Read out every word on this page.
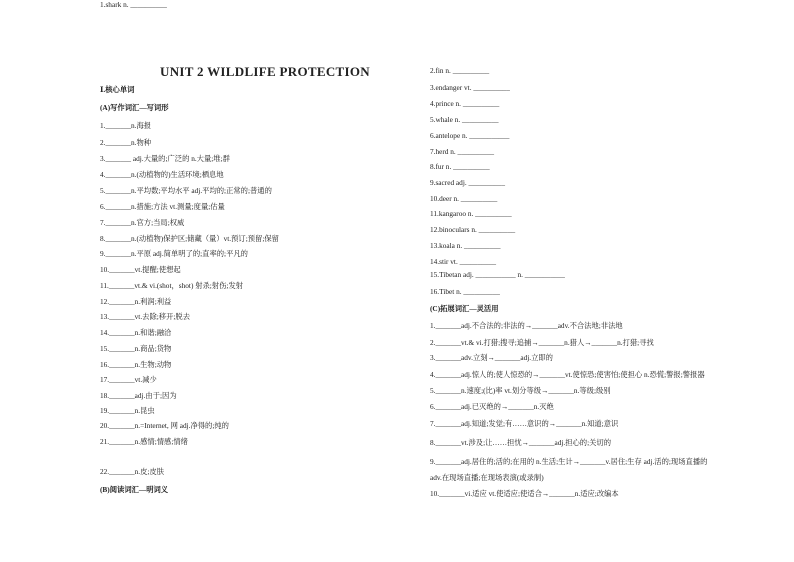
UNIT 2 WILDLIFE PROTECTION
Ⅰ.核心单词
(A)写作词汇—写词形
1._______n.海报
2._______n.物种
3._______ adj.大量的;广泛的 n.大量;堆;群
4._______n.(动植物的)生活环境;栖息地
5._______n.平均数;平均水平 adj.平均的;正常的;普通的
6._______n.措施;方法 vt.测量;度量;估量
7._______n.官方;当局;权威
8._______n.(动植物)保护区;储藏（量）vt.预订;预留;保留
9._______n.平原 adj.简单明了的;直率的;平凡的
10._______vt.提醒;使想起
11._______vt.& vi.(shot，shot) 射杀;射伤;发射
12._______n.利润;利益
13._______vt.去除;移开;脱去
14._______n.和谐;融洽
15._______n.商品;货物
16._______n.生物;动物
17._______vt.减少
18._______adj.由于;因为
19._______n.昆虫
20._______n.=Internet, 网 adj.净得的;纯的
21._______n.感情;情感;情绪
22._______n.皮;皮肤
(B)阅读词汇—明词义
1.shark n. __________
2.fin n. __________
3.endanger vt. __________
4.prince n. __________
5.whale n. __________
6.antelope n. ___________
7.herd n. __________
8.fur n. __________
9.sacred adj. __________
10.deer n. __________
11.kangaroo n. __________
12.binoculars n. __________
13.koala n. __________
14.stir vt. __________
15.Tibetan adj. ___________ n. ___________
16.Tibet n. __________
(C)拓展词汇—灵活用
1._______adj.不合法的;非法的→_______adv.不合法地;非法地
2._______vt.& vi.打猎;搜寻;追捕→_______n.猎人→_______n.打猎;寻找
3._______adv.立刻→_______adj.立即的
4._______adj.惊人的;使人惊恐的→_______vt.使惊恐;使害怕;使担心 n.恐慌;警报;警报器
5._______n.速度;(比)率 vt.划分等级→_______n.等级;级别
6._______adj.已灭绝的→_______n.灭绝
7._______adj.知道;发觉;有……意识的→_______n.知道;意识
8._______vt.涉及;让……担忧→_______adj.担心的;关切的
9._______adj.居住的;活的;在用的 n.生活;生计→_______v.居住;生存 adj.活的;现场直播的
adv.在现场直播;在现场表演(或录制)
10._______vi.适应 vt.使适应;使适合→_______n.适应;改编本
